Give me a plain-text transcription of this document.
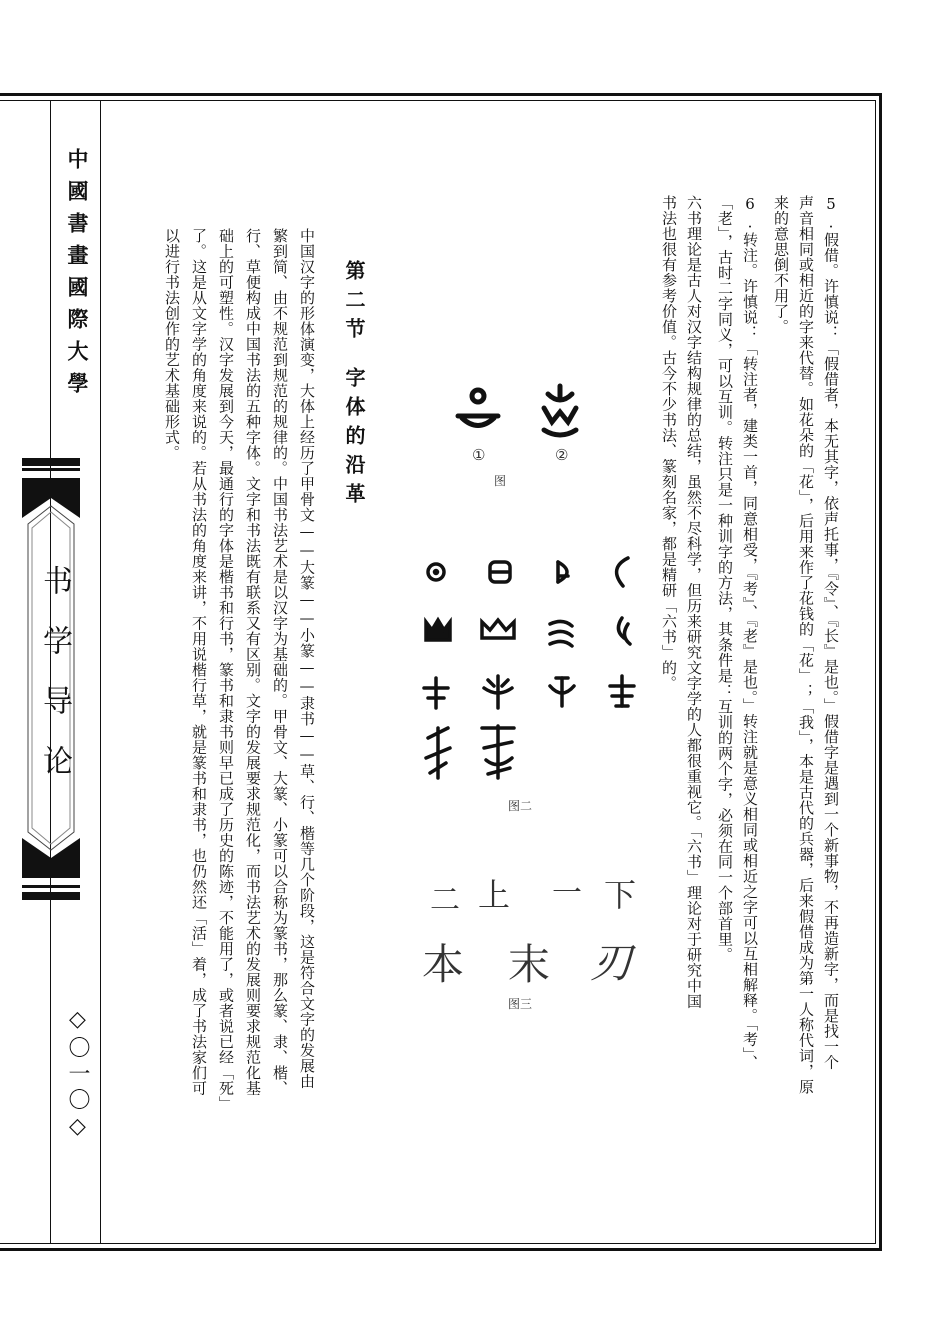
中國書畫國際大學
书学导论
◇〇一〇◇
5.假借。许慎说：「假借者，本无其字，依声托事，『令』、『长』是也。」假借字是遇到一个新事物，不再造新字，而是找一个
声音相同或相近的字来代替。如花朵的「花」，后用来作了花钱的「花」；「我」，本是古代的兵器，后来假借成为第一人称代词，原
来的意思倒不用了。
6.转注。许慎说：「转注者，建类一首，同意相受，『考』、『老』是也。」转注就是意义相同或相近之字可以互相解释。「考」、
「老」，古时二字同义，可以互训。转注只是一种训字的方法，其条件是：互训的两个字，必须在同一个部首里。
六书理论是古人对汉字结构规律的总结，虽然不尽科学，但历来研究文字学的人都很重视它。「六书」理论对于研究中国
书法也很有参考价值。古今不少书法、篆刻名家，都是精研「六书」的。
①	②
图
图二
二 上 一 下
本 末 刃
图三
第二节字体的沿革
中国汉字的形体演变，大体上经历了甲骨文——大篆——小篆——隶书——草、行、楷等几个阶段，这是符合文字的发展由
繁到简、由不规范到规范的规律的。中国书法艺术是以汉字为基础的。甲骨文、大篆、小篆可以合称为篆书，那么篆、隶、楷、
行、草便构成中国书法的五种字体。文字和书法既有联系又有区别。文字的发展要求规范化，而书法艺术的发展则要求规范化基
础上的可塑性。汉字发展到今天，最通行的字体是楷书和行书，篆书和隶书则早已成了历史的陈迹，不能用了，或者说已经「死」
了。这是从文字学的角度来说的。若从书法的角度来讲，不用说楷行草，就是篆书和隶书，也仍然还「活」着，成了书法家们可
以进行书法创作的艺术基础形式。
